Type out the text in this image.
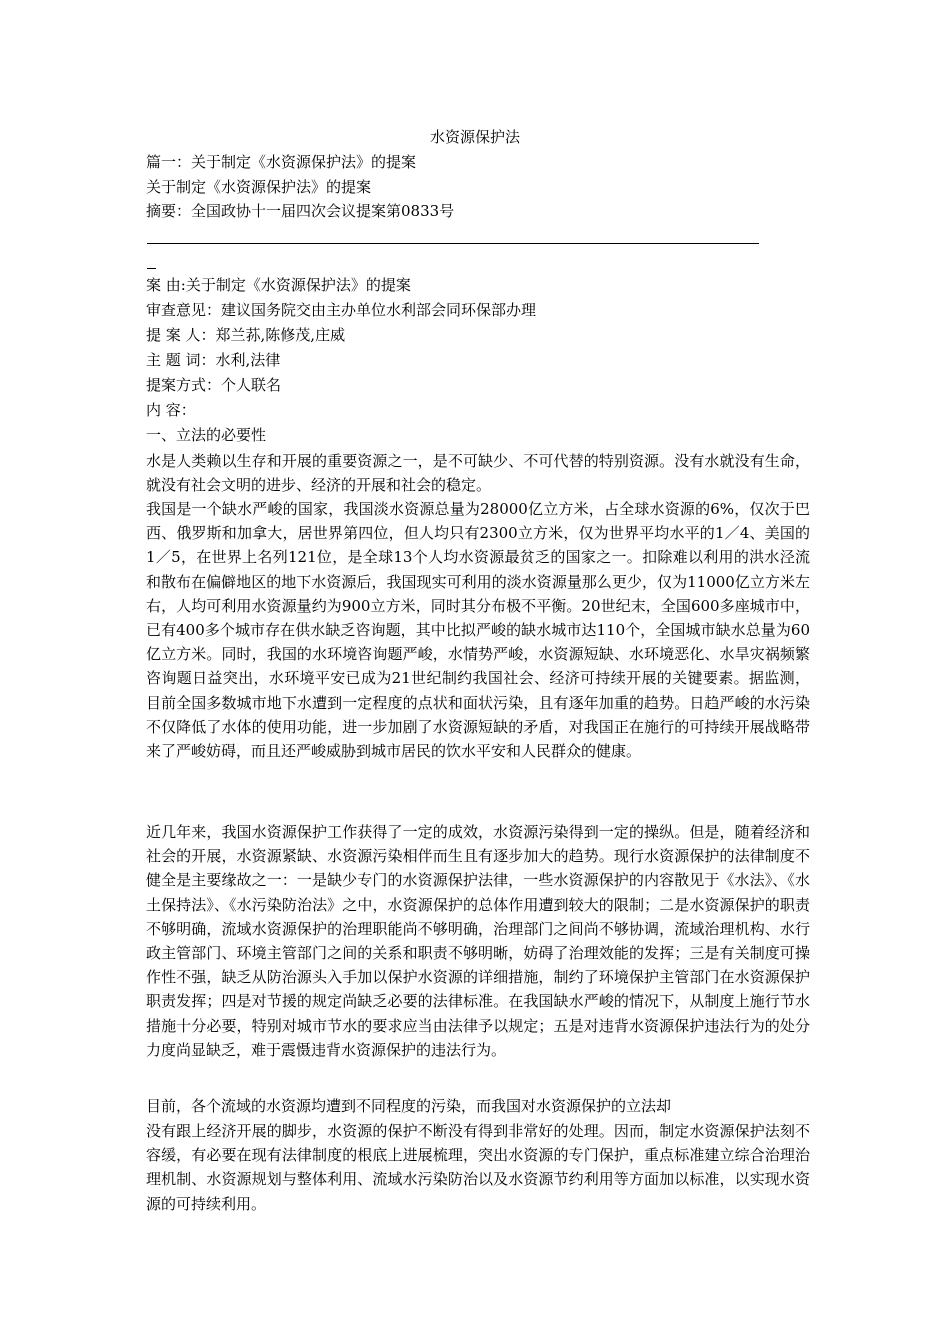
水资源保护法
篇一：关于制定《水资源保护法》的提案
关于制定《水资源保护法》的提案
摘要：全国政协十一届四次会议提案第0833号
案 由:关于制定《水资源保护法》的提案
审查意见：建议国务院交由主办单位水利部会同环保部办理
提 案 人：郑兰荪,陈修茂,庄威
主 题 词：水利,法律
提案方式：个人联名
内 容：
一、立法的必要性
水是人类赖以生存和开展的重要资源之一，是不可缺少、不可代替的特别资源。没有水就没有生命，就没有社会文明的进步、经济的开展和社会的稳定。
我国是一个缺水严峻的国家，我国淡水资源总量为28000亿立方米，占全球水资源的6%，仅次于巴西、俄罗斯和加拿大，居世界第四位，但人均只有2300立方米，仅为世界平均水平的1／4、美国的1／5，在世界上名列121位，是全球13个人均水资源最贫乏的国家之一。扣除难以利用的洪水泾流和散布在偏僻地区的地下水资源后，我国现实可利用的淡水资源量那么更少，仅为11000亿立方米左右，人均可利用水资源量约为900立方米，同时其分布极不平衡。20世纪末，全国600多座城市中，已有400多个城市存在供水缺乏咨询题，其中比拟严峻的缺水城市达110个，全国城市缺水总量为60亿立方米。同时，我国的水环境咨询题严峻，水情势严峻，水资源短缺、水环境恶化、水旱灾祸频繁咨询题日益突出，水环境平安已成为21世纪制约我国社会、经济可持续开展的关键要素。据监测，目前全国多数城市地下水遭到一定程度的点状和面状污染，且有逐年加重的趋势。日趋严峻的水污染不仅降低了水体的使用功能，进一步加剧了水资源短缺的矛盾，对我国正在施行的可持续开展战略带来了严峻妨碍，而且还严峻威胁到城市居民的饮水平安和人民群众的健康。
近几年来，我国水资源保护工作获得了一定的成效，水资源污染得到一定的操纵。但是，随着经济和社会的开展，水资源紧缺、水资源污染相伴而生且有逐步加大的趋势。现行水资源保护的法律制度不健全是主要缘故之一：一是缺少专门的水资源保护法律，一些水资源保护的内容散见于《水法》、《水土保持法》、《水污染防治法》之中，水资源保护的总体作用遭到较大的限制；二是水资源保护的职责不够明确，流域水资源保护的治理职能尚不够明确，治理部门之间尚不够协调，流域治理机构、水行政主管部门、环境主管部门之间的关系和职责不够明晰，妨碍了治理效能的发挥；三是有关制度可操作性不强，缺乏从防治源头入手加以保护水资源的详细措施，制约了环境保护主管部门在水资源保护职责发挥；四是对节援的规定尚缺乏必要的法律标准。在我国缺水严峻的情况下，从制度上施行节水措施十分必要，特别对城市节水的要求应当由法律予以规定；五是对违背水资源保护违法行为的处分力度尚显缺乏，难于震慑违背水资源保护的违法行为。
目前，各个流域的水资源均遭到不同程度的污染，而我国对水资源保护的立法却
没有跟上经济开展的脚步，水资源的保护不断没有得到非常好的处理。因而，制定水资源保护法刻不容缓，有必要在现有法律制度的根底上进展梳理，突出水资源的专门保护，重点标准建立综合治理治理机制、水资源规划与整体利用、流域水污染防治以及水资源节约利用等方面加以标准，以实现水资源的可持续利用。
